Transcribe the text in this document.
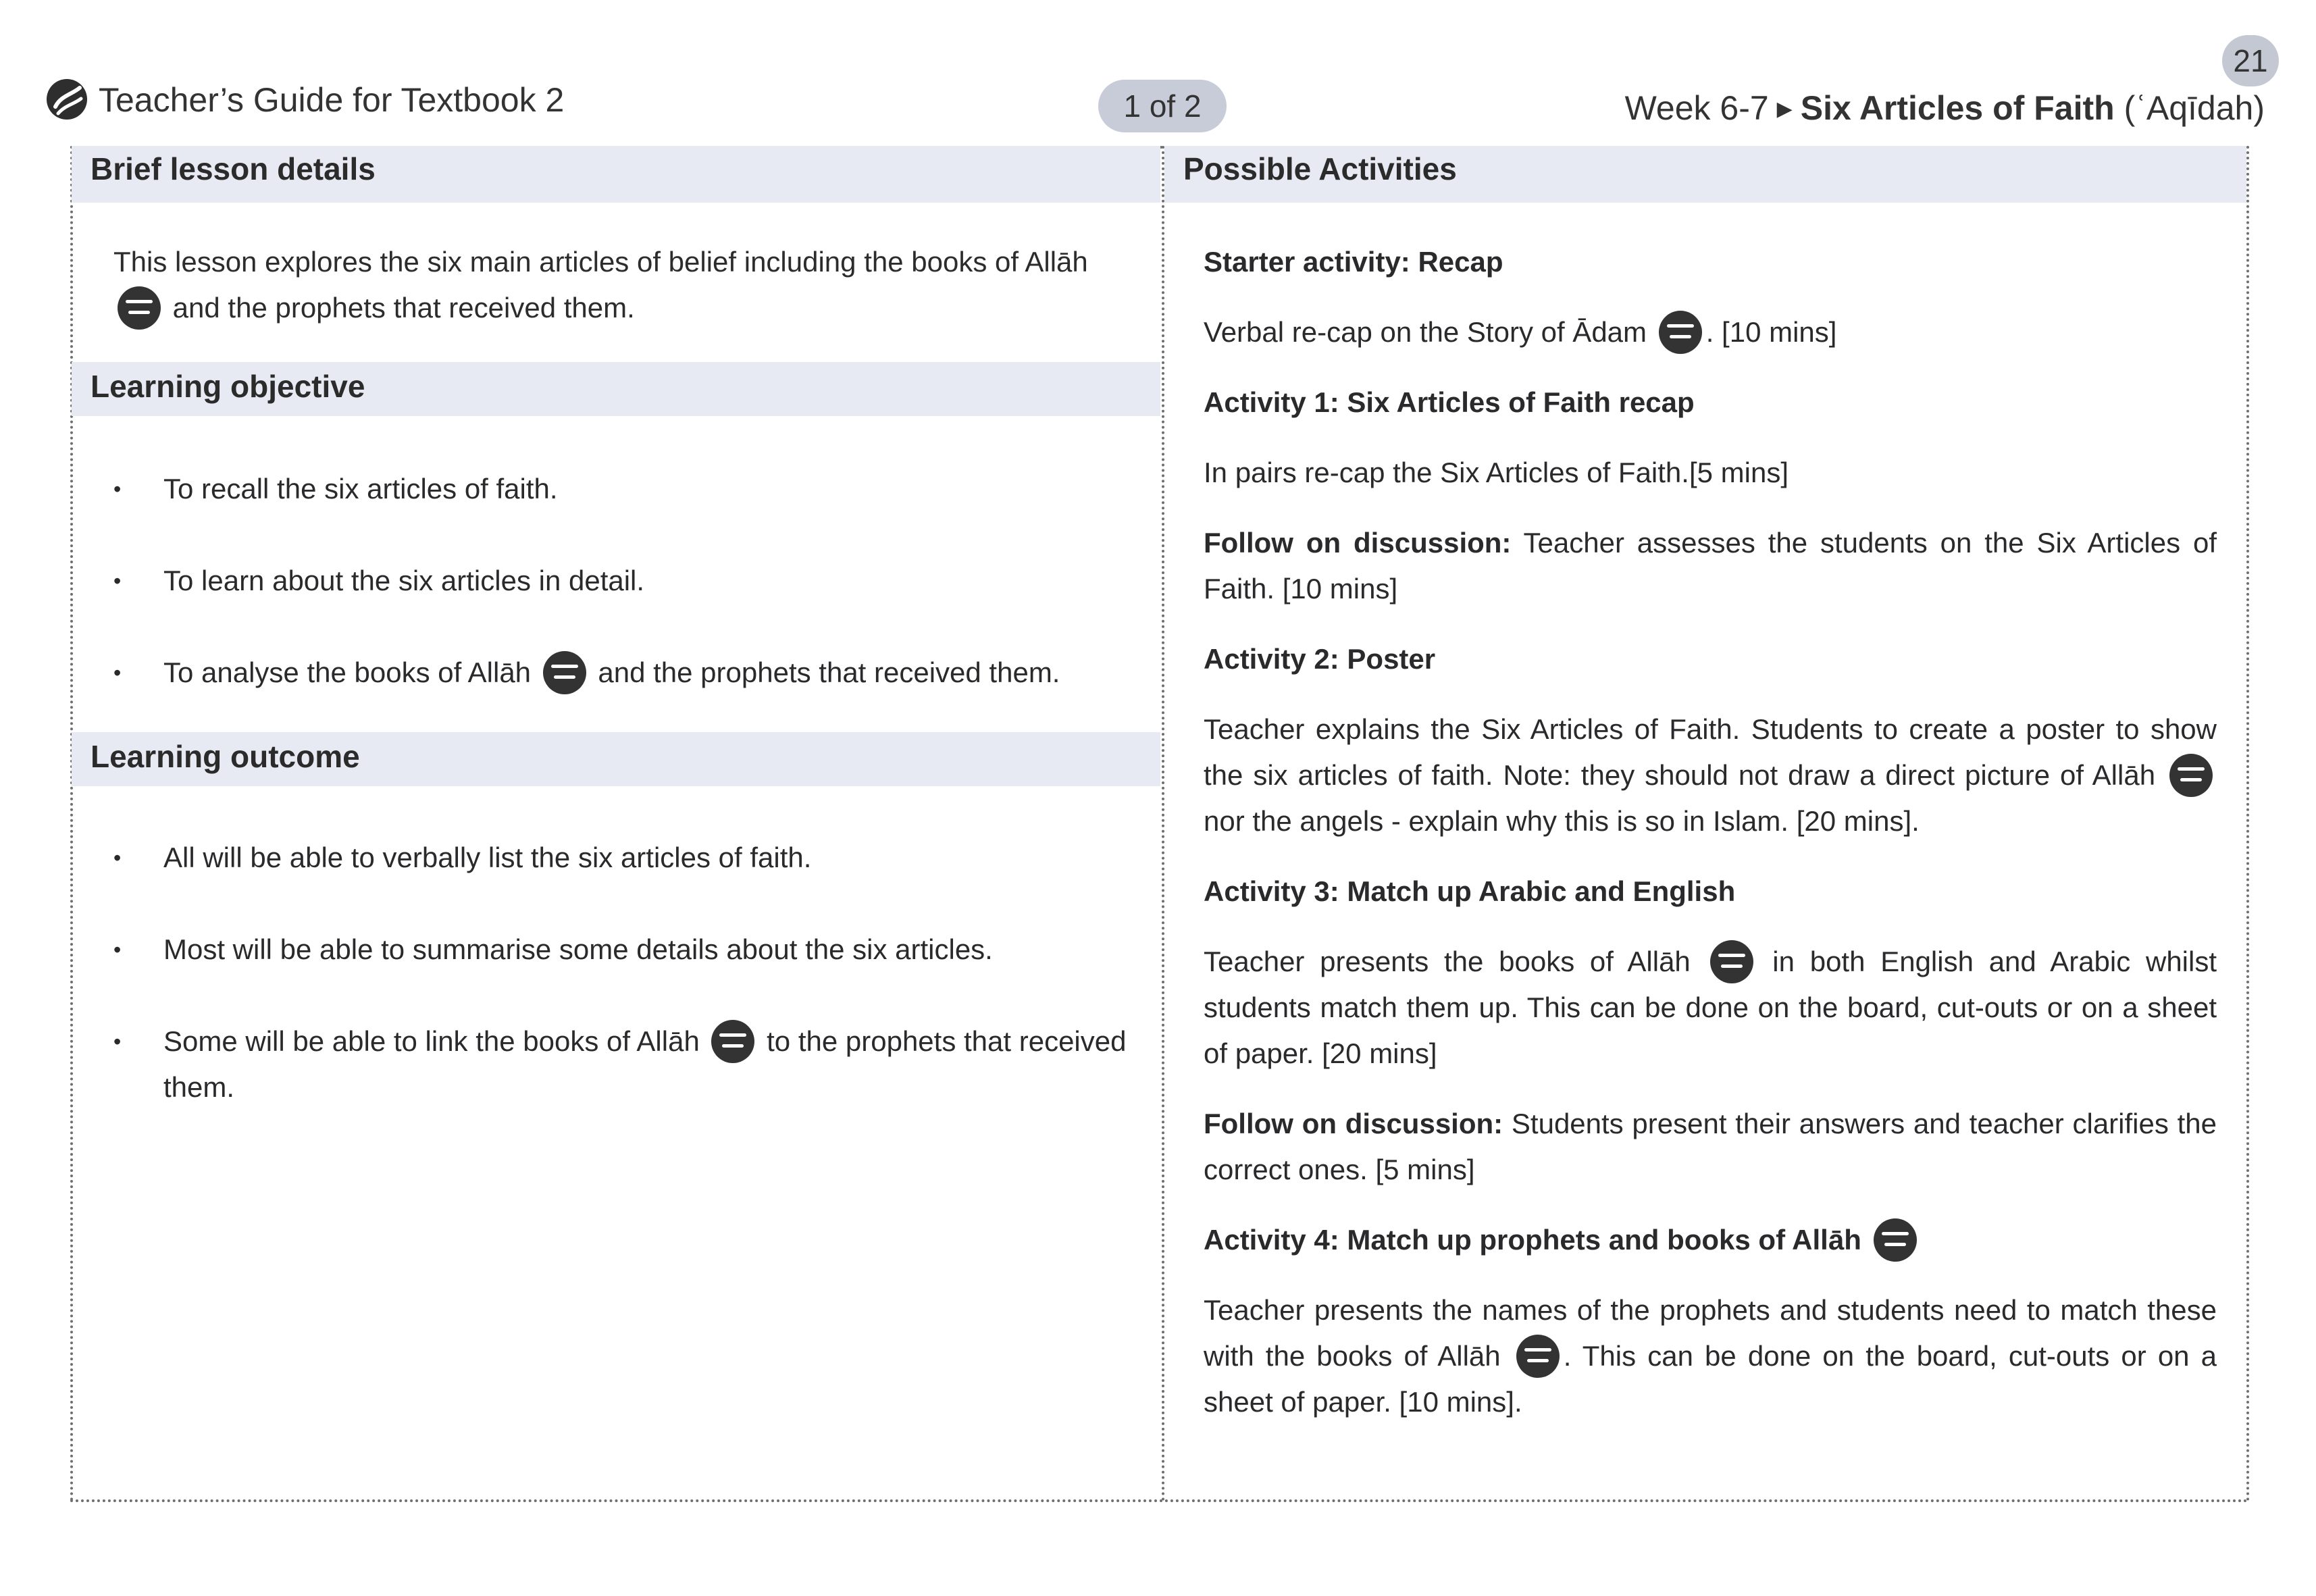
Teacher’s Guide for Textbook 2	1 of 2
21
Week 6-7 ▶ Six Articles of Faith (ʿAqīdah)
Brief lesson details
This lesson explores the six main articles of belief including the books of Allāh
and the prophets that received them.
Learning objective
• To recall the six articles of faith.
• To learn about the six articles in detail.
• To analyse the books of Allāh and the prophets that received them.
Learning outcome
• All will be able to verbally list the six articles of faith.
• Most will be able to summarise some details about the six articles.
• Some will be able to link the books of Allāh to the prophets that received them.
Possible Activities
Starter activity: Recap
Verbal re-cap on the Story of Ādam . [10 mins]
Activity 1: Six Articles of Faith recap
In pairs re-cap the Six Articles of Faith.[5 mins]
Follow on discussion: Teacher assesses the students on the Six Articles of Faith. [10 mins]
Activity 2: Poster
Teacher explains the Six Articles of Faith. Students to create a poster to show the six articles of faith. Note: they should not draw a direct picture of Allāh  nor the angels - explain why this is so in Islam. [20 mins].
Activity 3: Match up Arabic and English
Teacher presents the books of Allāh  in both English and Arabic whilst students match them up. This can be done on the board, cut-outs or on a sheet of paper. [20 mins]
Follow on discussion: Students present their answers and teacher clarifies the correct ones. [5 mins]
Activity 4: Match up prophets and books of Allāh
Teacher presents the names of the prophets and students need to match these with the books of Allāh . This can be done on the board, cut-outs or on a sheet of paper. [10 mins].
